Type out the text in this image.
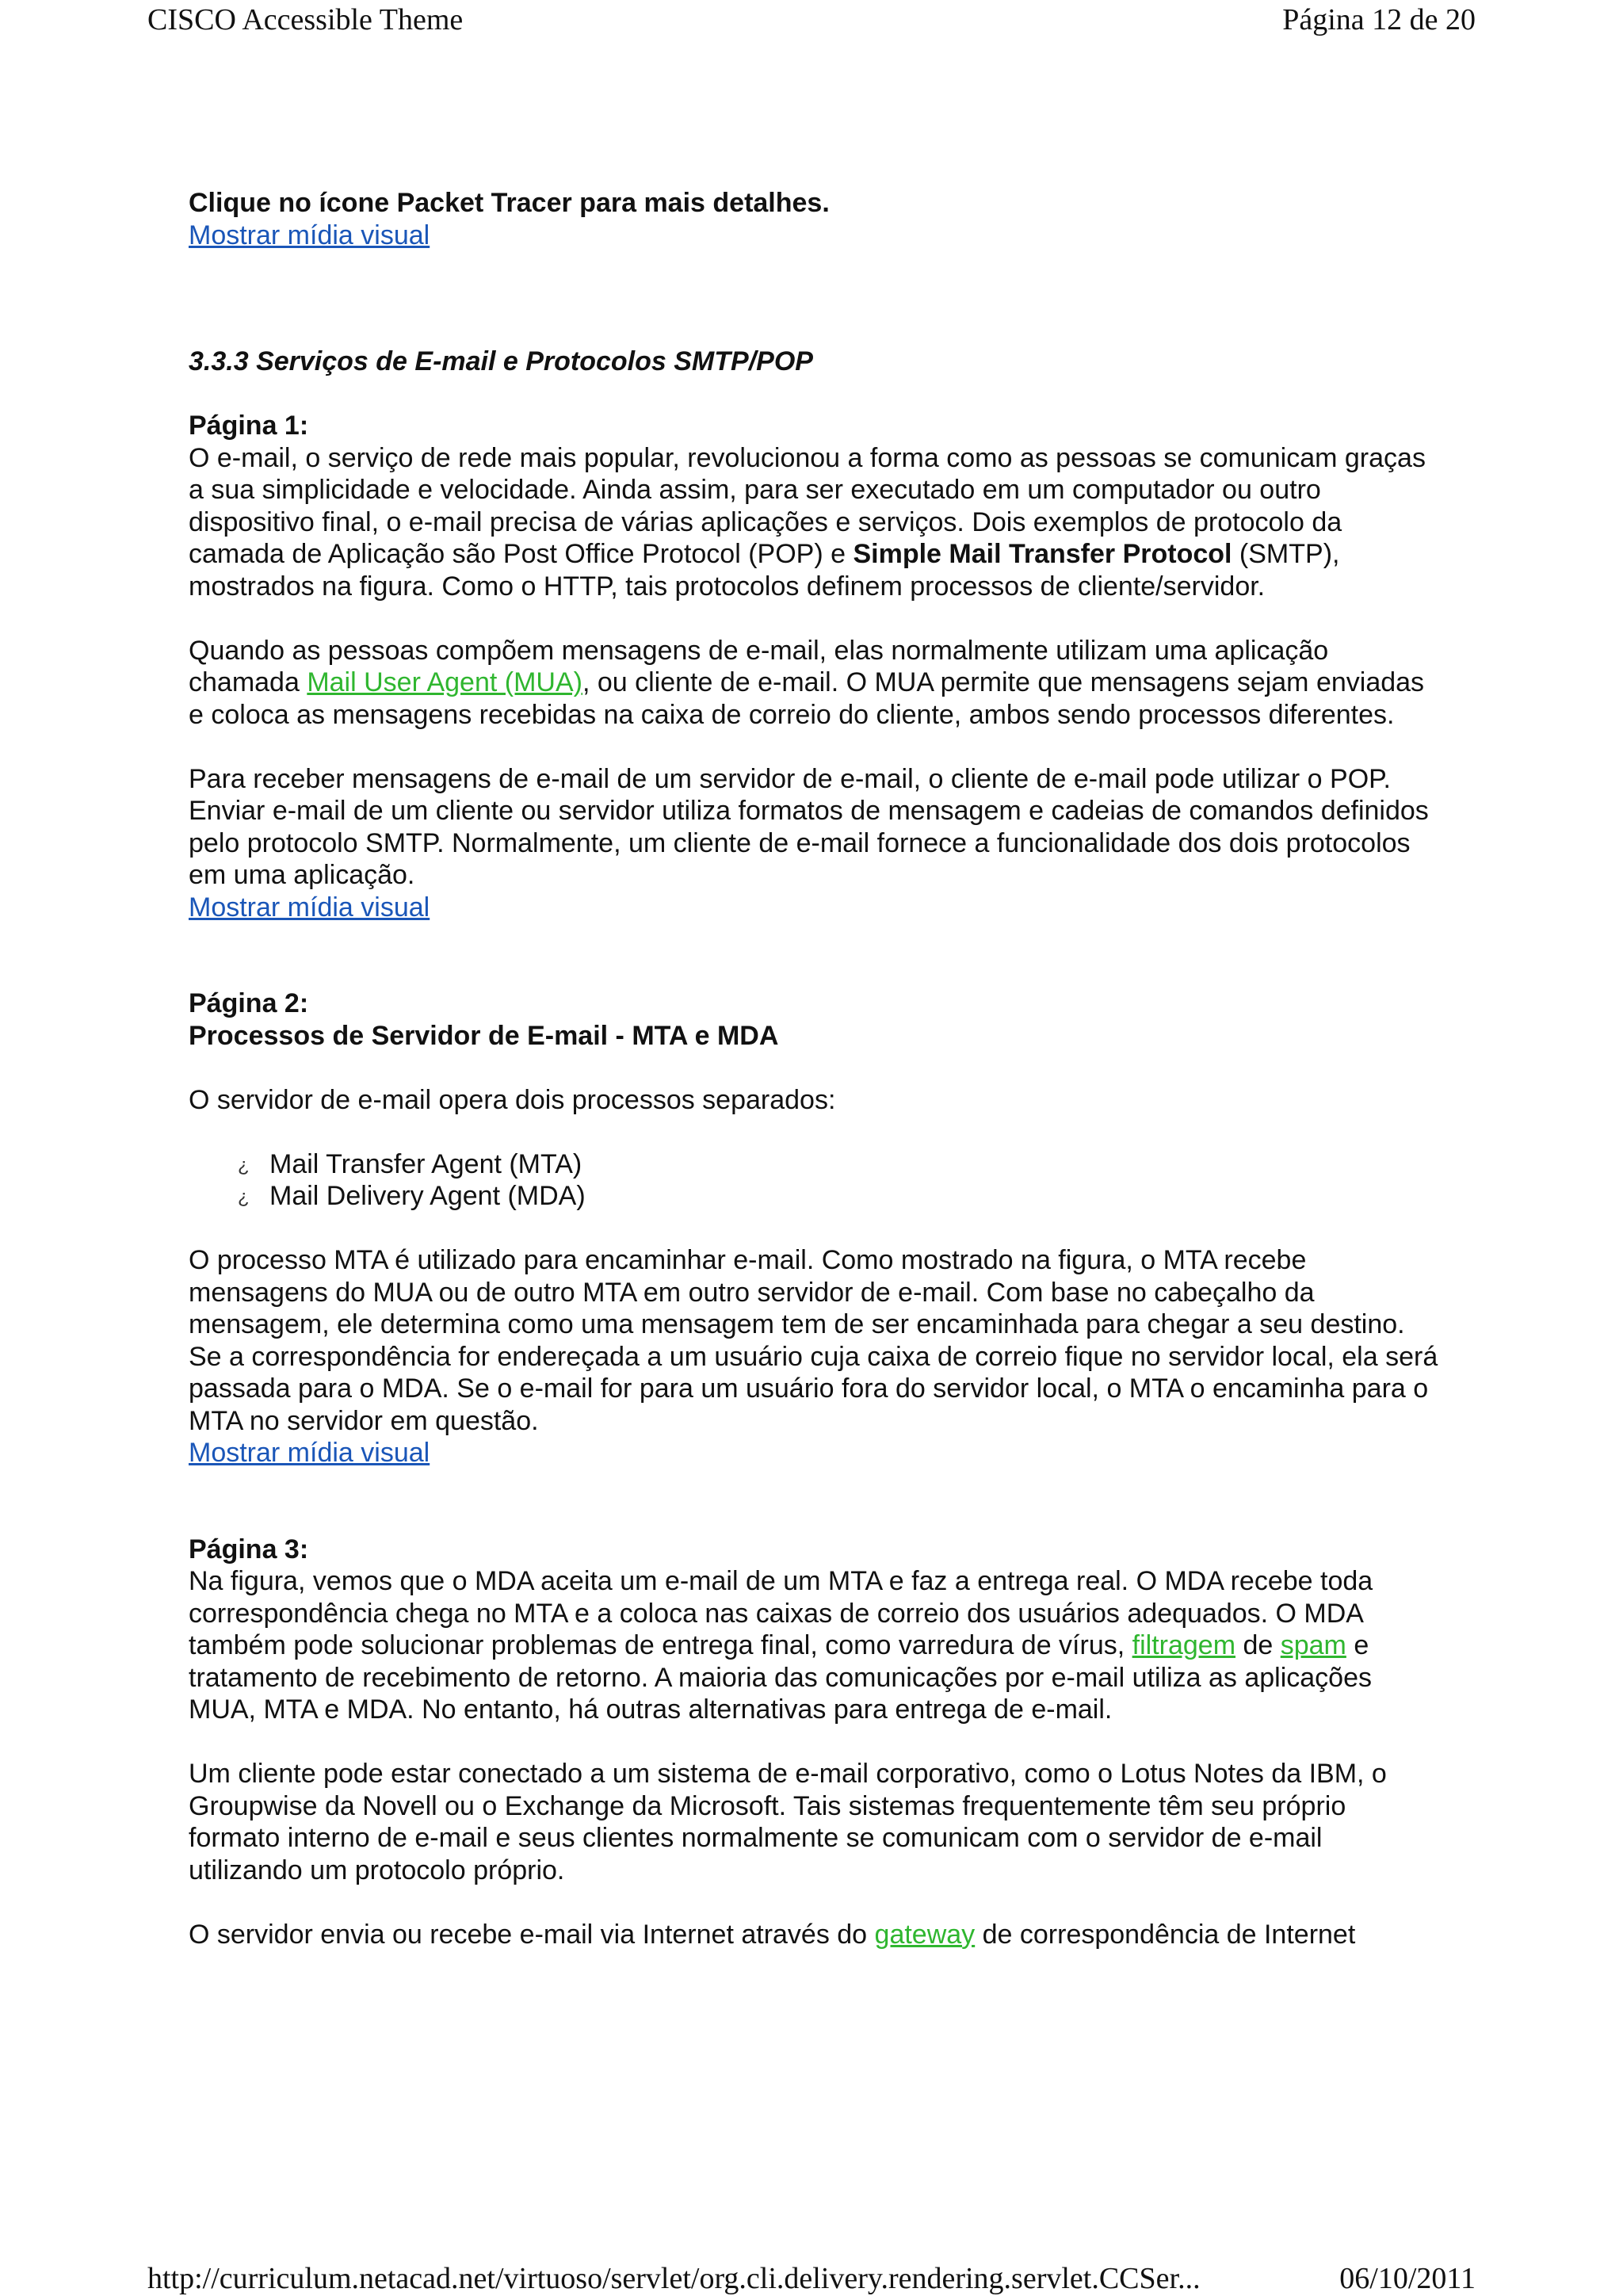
CISCO Accessible Theme	Página 12 de 20

Clique no ícone Packet Tracer para mais detalhes.

Mostrar mídia visual

3.3.3 Serviços de E-mail e Protocolos SMTP/POP

Página 1:

O e-mail, o serviço de rede mais popular, revolucionou a forma como as pessoas se comunicam graças a sua simplicidade e velocidade. Ainda assim, para ser executado em um computador ou outro dispositivo final, o e-mail precisa de várias aplicações e serviços. Dois exemplos de protocolo da camada de Aplicação são Post Office Protocol (POP) e Simple Mail Transfer Protocol (SMTP), mostrados na figura. Como o HTTP, tais protocolos definem processos de cliente/servidor.

Quando as pessoas compõem mensagens de e-mail, elas normalmente utilizam uma aplicação chamada Mail User Agent (MUA), ou cliente de e-mail. O MUA permite que mensagens sejam enviadas e coloca as mensagens recebidas na caixa de correio do cliente, ambos sendo processos diferentes.

Para receber mensagens de e-mail de um servidor de e-mail, o cliente de e-mail pode utilizar o POP. Enviar e-mail de um cliente ou servidor utiliza formatos de mensagem e cadeias de comandos definidos pelo protocolo SMTP. Normalmente, um cliente de e-mail fornece a funcionalidade dos dois protocolos em uma aplicação.

Mostrar mídia visual

Página 2:

Processos de Servidor de E-mail - MTA e MDA

O servidor de e-mail opera dois processos separados:

¿ Mail Transfer Agent (MTA)
¿ Mail Delivery Agent (MDA)

O processo MTA é utilizado para encaminhar e-mail. Como mostrado na figura, o MTA recebe mensagens do MUA ou de outro MTA em outro servidor de e-mail. Com base no cabeçalho da mensagem, ele determina como uma mensagem tem de ser encaminhada para chegar a seu destino. Se a correspondência for endereçada a um usuário cuja caixa de correio fique no servidor local, ela será passada para o MDA. Se o e-mail for para um usuário fora do servidor local, o MTA o encaminha para o MTA no servidor em questão.

Mostrar mídia visual

Página 3:

Na figura, vemos que o MDA aceita um e-mail de um MTA e faz a entrega real. O MDA recebe toda correspondência chega no MTA e a coloca nas caixas de correio dos usuários adequados. O MDA também pode solucionar problemas de entrega final, como varredura de vírus, filtragem de spam e tratamento de recebimento de retorno. A maioria das comunicações por e-mail utiliza as aplicações MUA, MTA e MDA. No entanto, há outras alternativas para entrega de e-mail.

Um cliente pode estar conectado a um sistema de e-mail corporativo, como o Lotus Notes da IBM, o Groupwise da Novell ou o Exchange da Microsoft. Tais sistemas frequentemente têm seu próprio formato interno de e-mail e seus clientes normalmente se comunicam com o servidor de e-mail utilizando um protocolo próprio.

O servidor envia ou recebe e-mail via Internet através do gateway de correspondência de Internet

http://curriculum.netacad.net/virtuoso/servlet/org.cli.delivery.rendering.servlet.CCSer...	06/10/2011
